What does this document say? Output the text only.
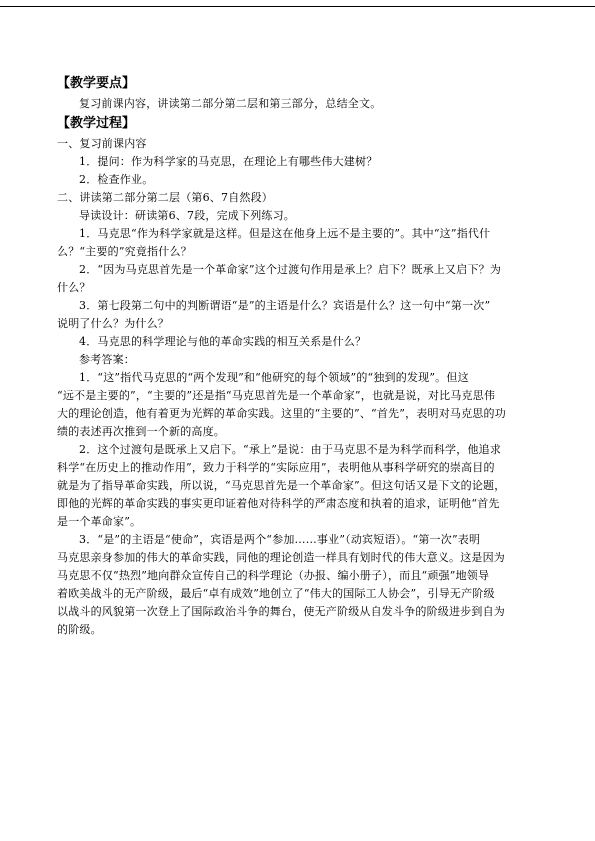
【教学要点】
复习前课内容，讲读第二部分第二层和第三部分，总结全文。
【教学过程】
一、复习前课内容
1．提问：作为科学家的马克思，在理论上有哪些伟大建树？
2．检查作业。
二、讲读第二部分第二层（第6、7自然段）
导读设计：研读第6、7段，完成下列练习。
1．马克思“作为科学家就是这样。但是这在他身上远不是主要的”。其中“这”指代什
么？“主要的”究竟指什么？
2．“因为马克思首先是一个革命家”这个过渡句作用是承上？启下？既承上又启下？为
什么？
3．第七段第二句中的判断谓语“是”的主语是什么？宾语是什么？这一句中“第一次”
说明了什么？为什么？
4．马克思的科学理论与他的革命实践的相互关系是什么？
参考答案：
1．“这”指代马克思的“两个发现”和“他研究的每个领域”的“独到的发现”。但这
“远不是主要的”，“主要的”还是指“马克思首先是一个革命家”，也就是说，对比马克思伟
大的理论创造，他有着更为光辉的革命实践。这里的“主要的”、“首先”，表明对马克思的功
绩的表述再次推到一个新的高度。
2．这个过渡句是既承上又启下。“承上”是说：由于马克思不是为科学而科学，他追求
科学“在历史上的推动作用”，致力于科学的“实际应用”，表明他从事科学研究的崇高目的
就是为了指导革命实践，所以说，“马克思首先是一个革命家”。但这句话又是下文的论题，
即他的光辉的革命实践的事实更印证着他对待科学的严肃态度和执着的追求，证明他“首先
是一个革命家”。
3．“是”的主语是“使命”，宾语是两个“参加……事业”（动宾短语）。“第一次”表明
马克思亲身参加的伟大的革命实践，同他的理论创造一样具有划时代的伟大意义。这是因为
马克思不仅“热烈”地向群众宣传自己的科学理论（办报、编小册子），而且“顽强”地领导
着欧美战斗的无产阶级，最后“卓有成效”地创立了“伟大的国际工人协会”，引导无产阶级
以战斗的风貌第一次登上了国际政治斗争的舞台，使无产阶级从自发斗争的阶级进步到自为
的阶级。
